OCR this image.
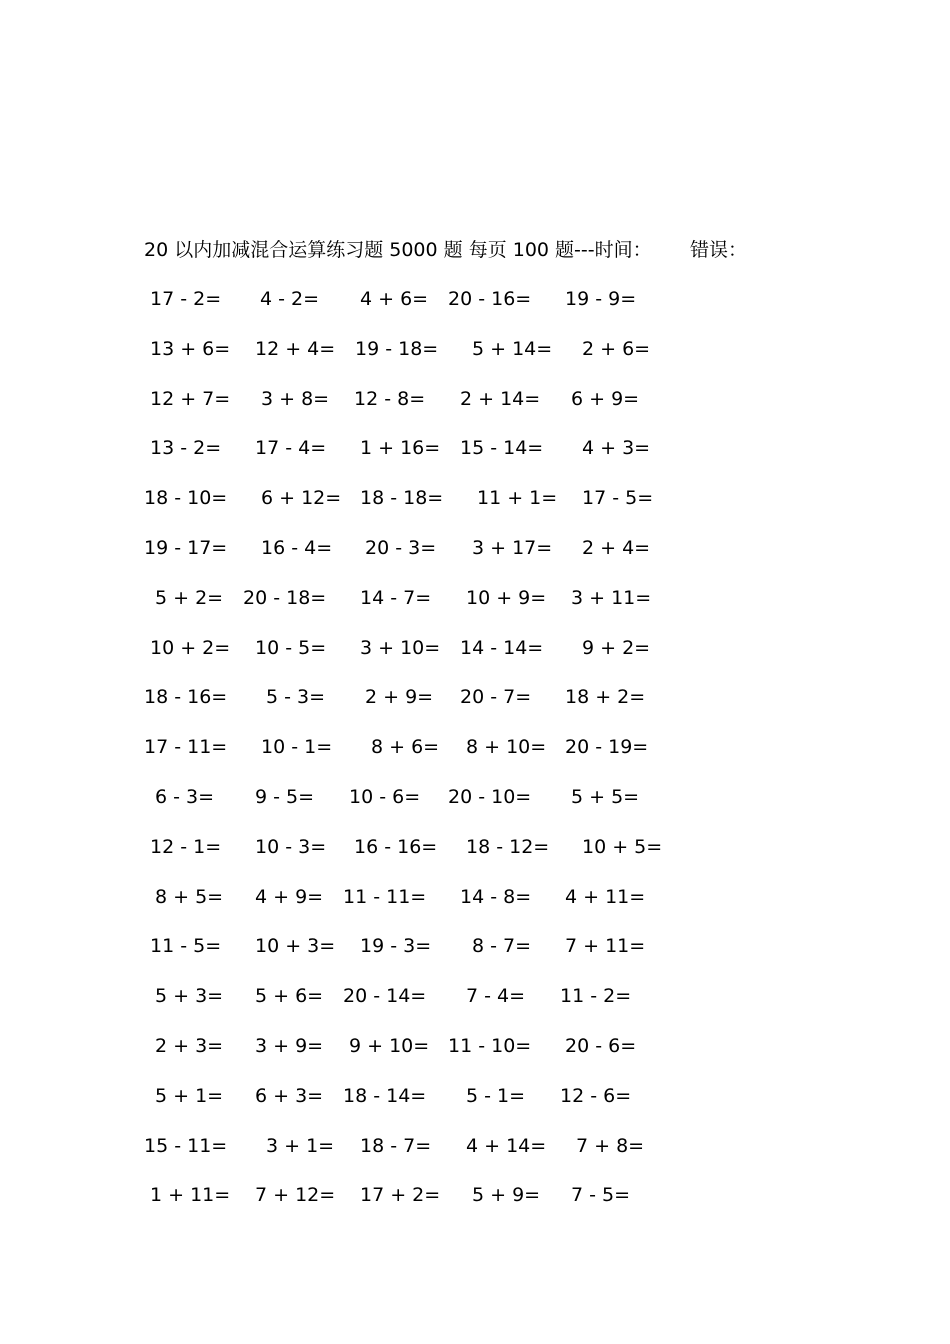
20 以内加减混合运算练习题 5000 题 每页 100 题---时间： 错误：
17 - 2= 4 - 2= 4 + 6= 20 - 16= 19 - 9=
13 + 6= 12 + 4= 19 - 18= 5 + 14= 2 + 6=
12 + 7= 3 + 8= 12 - 8= 2 + 14= 6 + 9=
13 - 2= 17 - 4= 1 + 16= 15 - 14= 4 + 3=
18 - 10= 6 + 12= 18 - 18= 11 + 1= 17 - 5=
19 - 17= 16 - 4= 20 - 3= 3 + 17= 2 + 4=
5 + 2= 20 - 18= 14 - 7= 10 + 9= 3 + 11=
10 + 2= 10 - 5= 3 + 10= 14 - 14= 9 + 2=
18 - 16= 5 - 3= 2 + 9= 20 - 7= 18 + 2=
17 - 11= 10 - 1= 8 + 6= 8 + 10= 20 - 19=
6 - 3= 9 - 5= 10 - 6= 20 - 10= 5 + 5=
12 - 1= 10 - 3= 16 - 16= 18 - 12= 10 + 5=
8 + 5= 4 + 9= 11 - 11= 14 - 8= 4 + 11=
11 - 5= 10 + 3= 19 - 3= 8 - 7= 7 + 11=
5 + 3= 5 + 6= 20 - 14= 7 - 4= 11 - 2=
2 + 3= 3 + 9= 9 + 10= 11 - 10= 20 - 6=
5 + 1= 6 + 3= 18 - 14= 5 - 1= 12 - 6=
15 - 11= 3 + 1= 18 - 7= 4 + 14= 7 + 8=
1 + 11= 7 + 12= 17 + 2= 5 + 9= 7 - 5=
